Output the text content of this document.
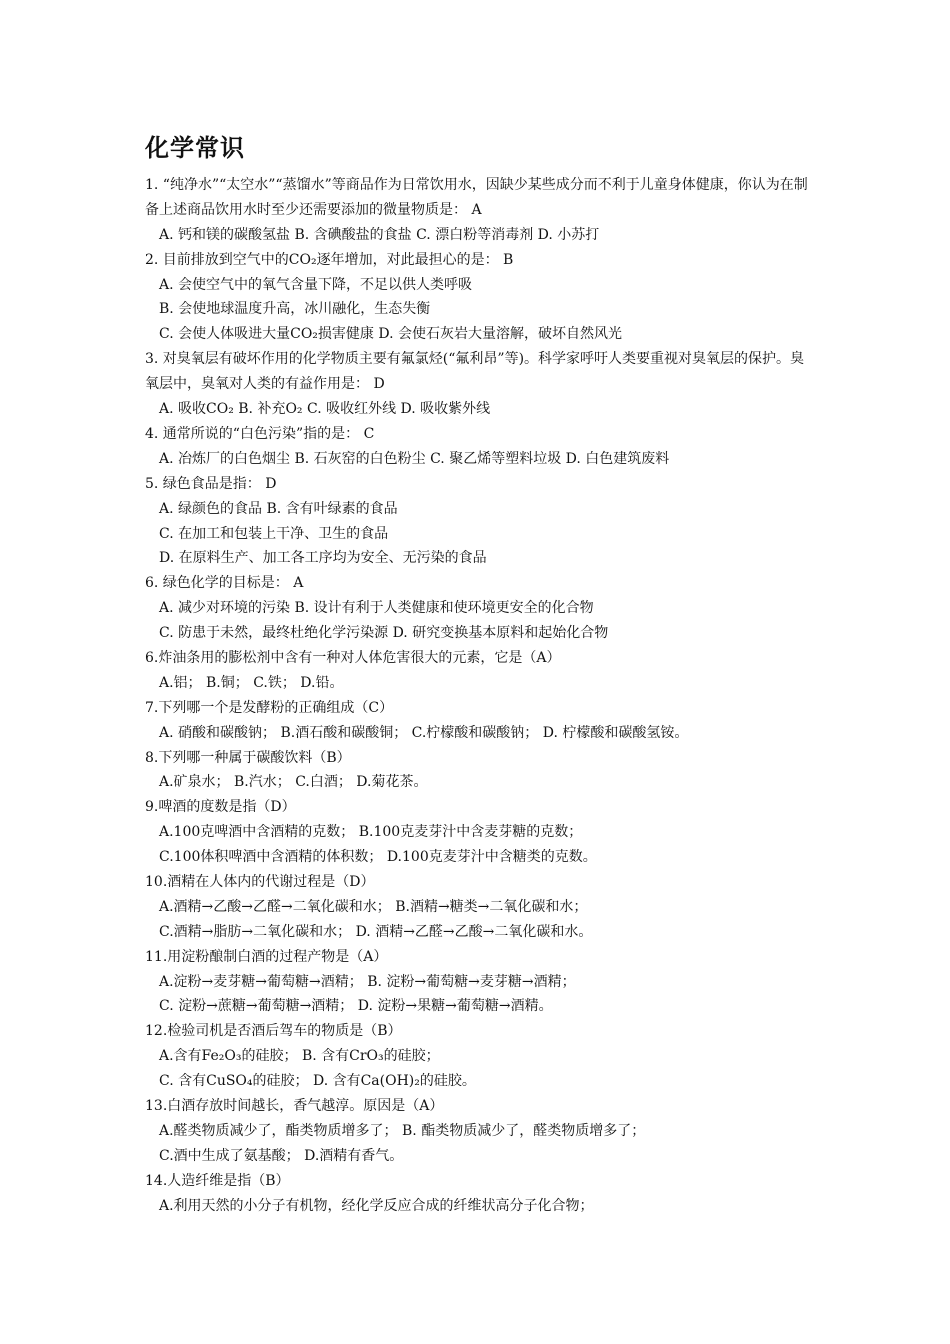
化学常识
1. “纯净水”“太空水”“蒸馏水”等商品作为日常饮用水，因缺少某些成分而不利于儿童身体健康，你认为在制备上述商品饮用水时至少还需要添加的微量物质是： A
A. 钙和镁的碳酸氢盐 B. 含碘酸盐的食盐 C. 漂白粉等消毒剂 D. 小苏打
2. 目前排放到空气中的CO₂逐年增加，对此最担心的是： B
A. 会使空气中的氧气含量下降，不足以供人类呼吸
B. 会使地球温度升高，冰川融化，生态失衡
C. 会使人体吸进大量CO₂损害健康 D. 会使石灰岩大量溶解，破坏自然风光
3. 对臭氧层有破坏作用的化学物质主要有氟氯烃(“氟利昂”等)。科学家呼吁人类要重视对臭氧层的保护。臭氧层中，臭氧对人类的有益作用是： D
A. 吸收CO₂ B. 补充O₂ C. 吸收红外线 D. 吸收紫外线
4. 通常所说的“白色污染”指的是： C
A. 冶炼厂的白色烟尘 B. 石灰窑的白色粉尘 C. 聚乙烯等塑料垃圾 D. 白色建筑废料
5. 绿色食品是指： D
A. 绿颜色的食品 B. 含有叶绿素的食品
C. 在加工和包装上干净、卫生的食品
D. 在原料生产、加工各工序均为安全、无污染的食品
6. 绿色化学的目标是： A
A. 减少对环境的污染 B. 设计有利于人类健康和使环境更安全的化合物
C. 防患于未然，最终杜绝化学污染源 D. 研究变换基本原料和起始化合物
6.炸油条用的膨松剂中含有一种对人体危害很大的元素，它是（A）
A.铝； B.铜； C.铁； D.铅。
7.下列哪一个是发酵粉的正确组成（C）
A. 硝酸和碳酸钠； B.酒石酸和碳酸铜； C.柠檬酸和碳酸钠； D. 柠檬酸和碳酸氢铵。
8.下列哪一种属于碳酸饮料（B）
A.矿泉水； B.汽水； C.白酒； D.菊花茶。
9.啤酒的度数是指（D）
A.100克啤酒中含酒精的克数； B.100克麦芽汁中含麦芽糖的克数；
C.100体积啤酒中含酒精的体积数； D.100克麦芽汁中含糖类的克数。
10.酒精在人体内的代谢过程是（D）
A.酒精→乙酸→乙醛→二氧化碳和水； B.酒精→糖类→二氧化碳和水；
C.酒精→脂肪→二氧化碳和水； D. 酒精→乙醛→乙酸→二氧化碳和水。
11.用淀粉酿制白酒的过程产物是（A）
A.淀粉→麦芽糖→葡萄糖→酒精； B. 淀粉→葡萄糖→麦芽糖→酒精；
C. 淀粉→蔗糖→葡萄糖→酒精； D. 淀粉→果糖→葡萄糖→酒精。
12.检验司机是否酒后驾车的物质是（B）
A.含有Fe₂O₃的硅胶； B. 含有CrO₃的硅胶；
C. 含有CuSO₄的硅胶； D. 含有Ca(OH)₂的硅胶。
13.白酒存放时间越长，香气越淳。原因是（A）
A.醛类物质减少了，酯类物质增多了； B. 酯类物质减少了，醛类物质增多了；
C.酒中生成了氨基酸； D.酒精有香气。
14.人造纤维是指（B）
A.利用天然的小分子有机物，经化学反应合成的纤维状高分子化合物；
